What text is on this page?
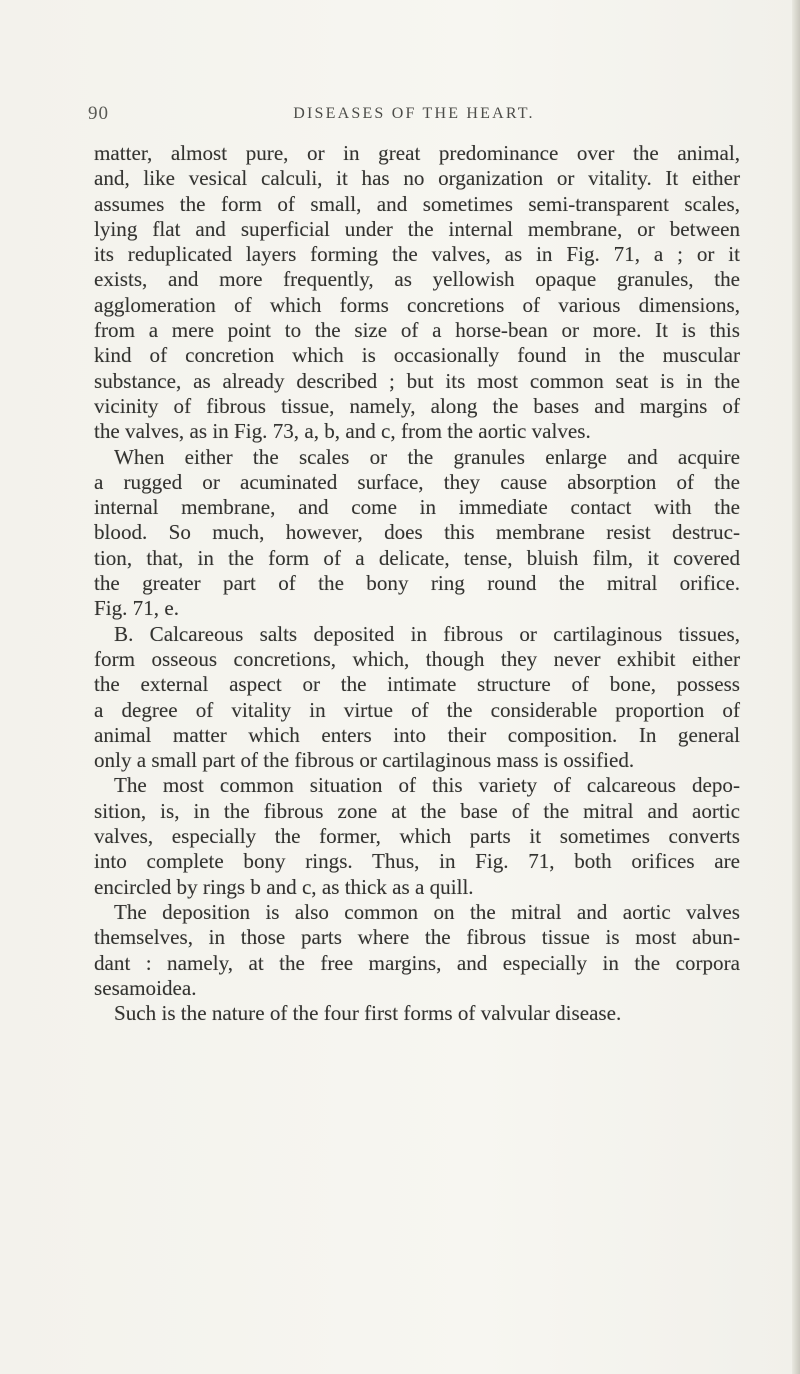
90	DISEASES OF THE HEART.

matter, almost pure, or in great predominance over the animal,

and, like vesical calculi, it has no organization or vitality. It either

assumes the form of small, and sometimes semi-transparent scales,

lying flat and superficial under the internal membrane, or between

its reduplicated layers forming the valves, as in Fig. 71, a ; or it

exists, and more frequently, as yellowish opaque granules, the

agglomeration of which forms concretions of various dimensions,

from a mere point to the size of a horse-bean or more. It is this

kind of concretion which is occasionally found in the muscular

substance, as already described ; but its most common seat is in the

vicinity of fibrous tissue, namely, along the bases and margins of

the valves, as in Fig. 73, a, b, and c, from the aortic valves.

When either the scales or the granules enlarge and acquire

a rugged or acuminated surface, they cause absorption of the

internal membrane, and come in immediate contact with the

blood. So much, however, does this membrane resist destruc-

tion, that, in the form of a delicate, tense, bluish film, it covered

the greater part of the bony ring round the mitral orifice.

Fig. 71, e.

B. Calcareous salts deposited in fibrous or cartilaginous tissues,

form osseous concretions, which, though they never exhibit either

the external aspect or the intimate structure of bone, possess

a degree of vitality in virtue of the considerable proportion of

animal matter which enters into their composition. In general

only a small part of the fibrous or cartilaginous mass is ossified.

The most common situation of this variety of calcareous depo-

sition, is, in the fibrous zone at the base of the mitral and aortic

valves, especially the former, which parts it sometimes converts

into complete bony rings. Thus, in Fig. 71, both orifices are

encircled by rings b and c, as thick as a quill.

The deposition is also common on the mitral and aortic valves

themselves, in those parts where the fibrous tissue is most abun-

dant : namely, at the free margins, and especially in the corpora

sesamoidea.

Such is the nature of the four first forms of valvular disease.
